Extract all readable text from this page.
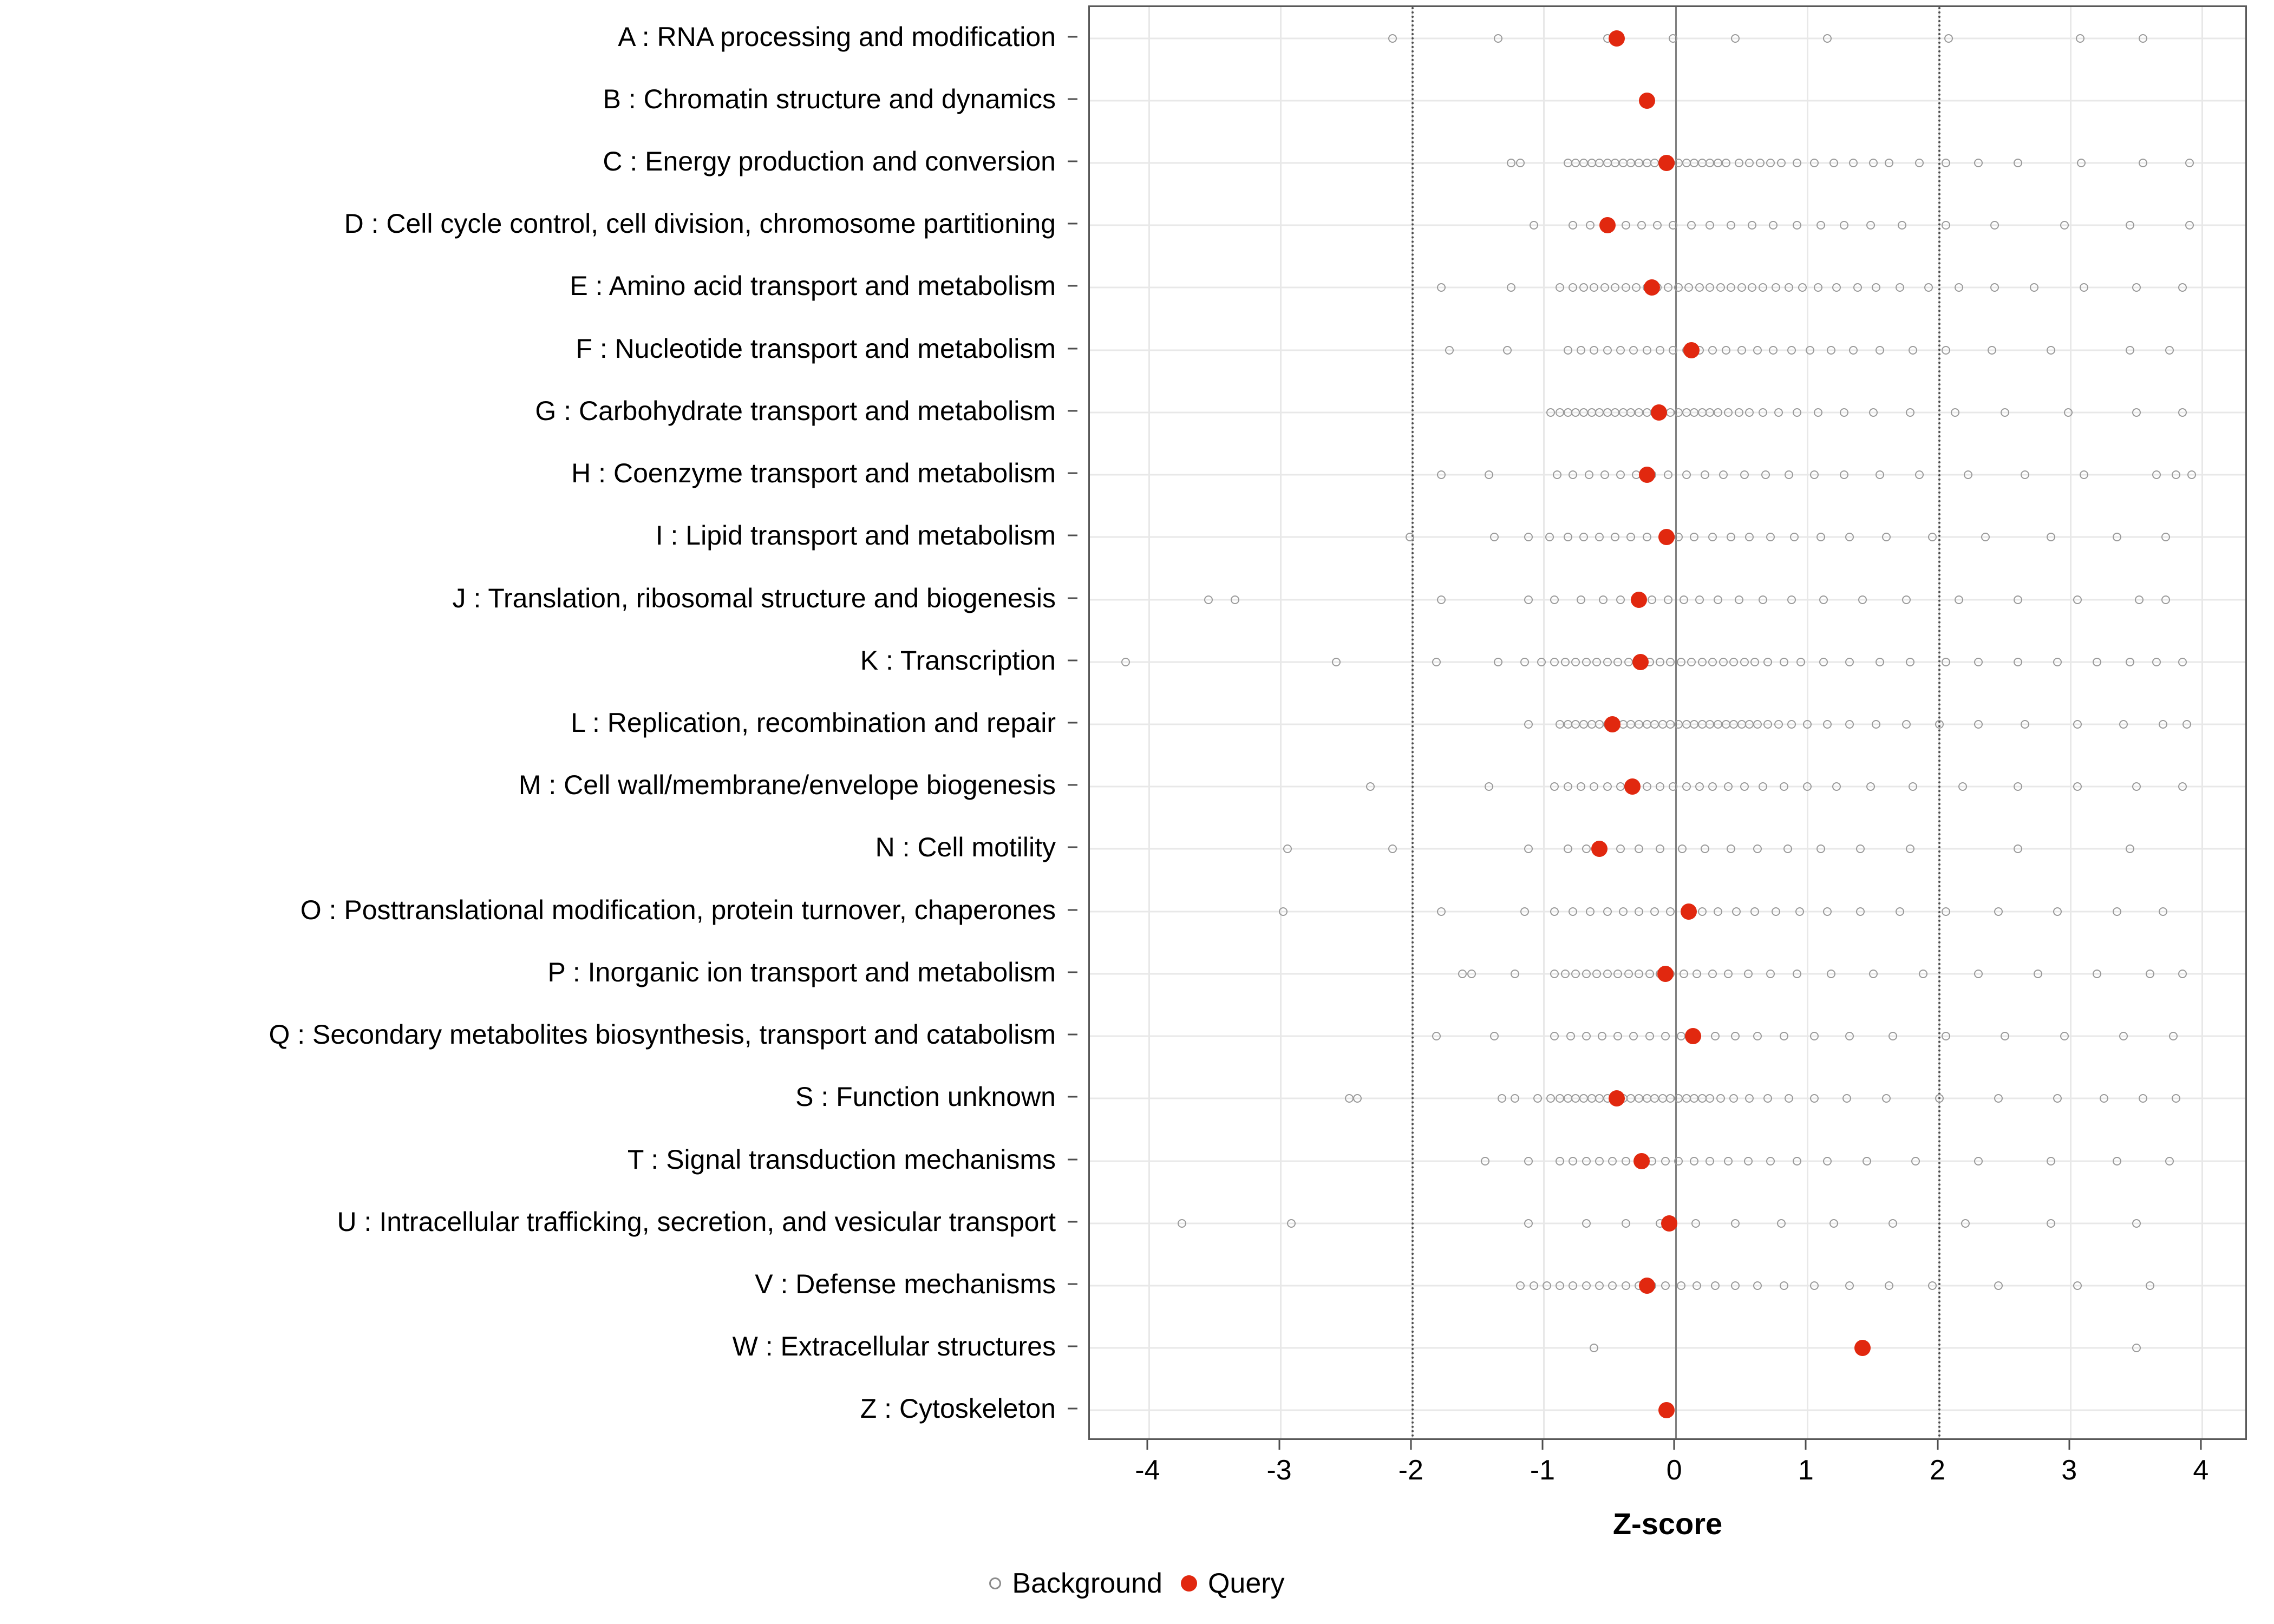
A : RNA processing and modification
B : Chromatin structure and dynamics
C : Energy production and conversion
D : Cell cycle control, cell division, chromosome partitioning
E : Amino acid transport and metabolism
F : Nucleotide transport and metabolism
G : Carbohydrate transport and metabolism
H : Coenzyme transport and metabolism
I : Lipid transport and metabolism
J : Translation, ribosomal structure and biogenesis
K : Transcription
L : Replication, recombination and repair
M : Cell wall/membrane/envelope biogenesis
N : Cell motility
O : Posttranslational modification, protein turnover, chaperones
P : Inorganic ion transport and metabolism
Q : Secondary metabolites biosynthesis, transport and catabolism
S : Function unknown
T : Signal transduction mechanisms
U : Intracellular trafficking, secretion, and vesicular transport
V : Defense mechanisms
W : Extracellular structures
Z : Cytoskeleton
-4	-3	-2	-1	0	1	2	3	4
Z-score
Background Query
